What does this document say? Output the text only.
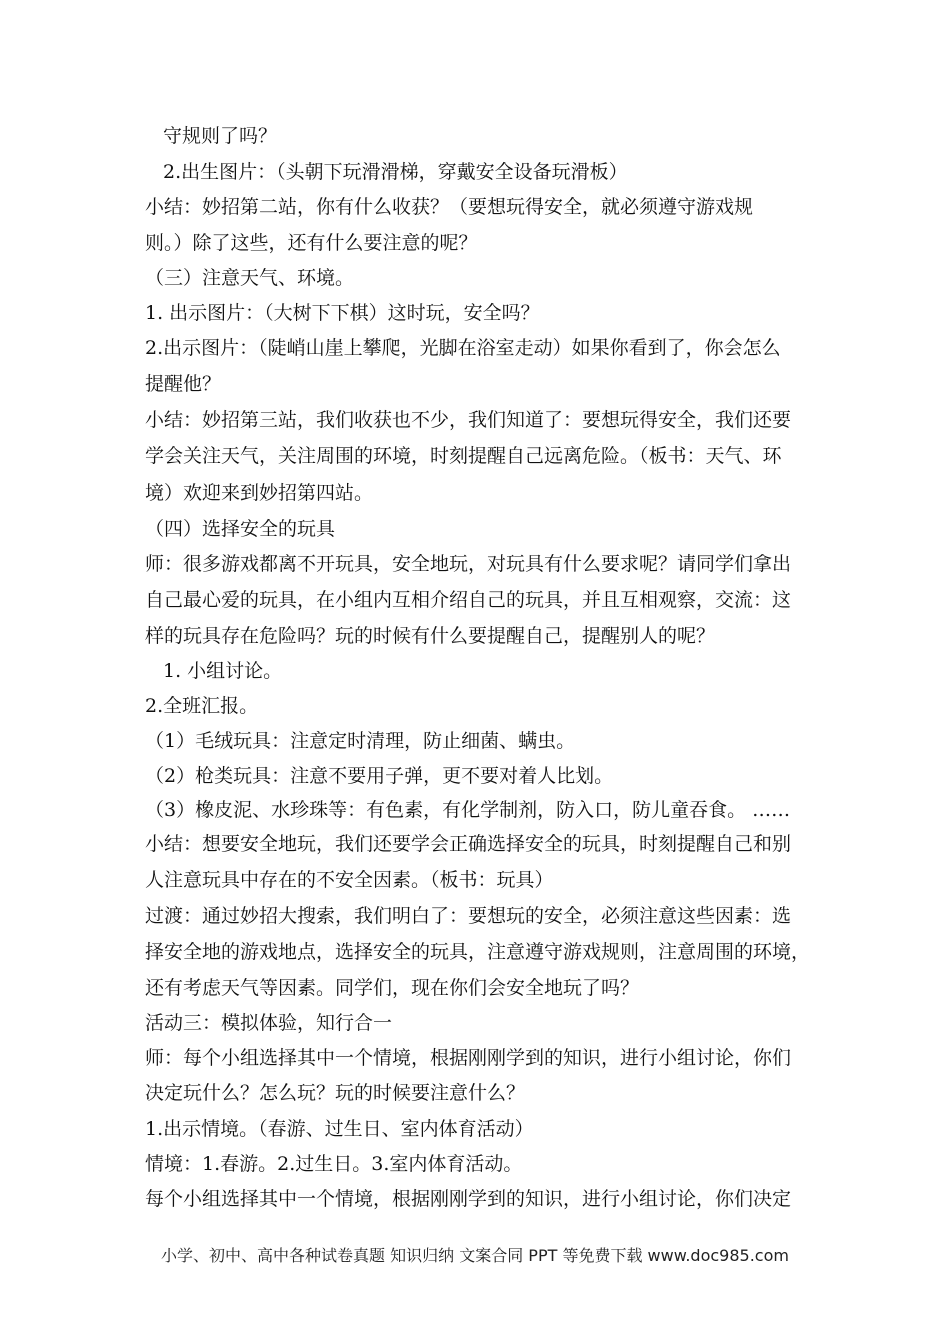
守规则了吗？
2.出生图片：（头朝下玩滑滑梯，穿戴安全设备玩滑板）
小结：妙招第二站，你有什么收获？（要想玩得安全，就必须遵守游戏规
则。）除了这些，还有什么要注意的呢？
（三）注意天气、环境。
1. 出示图片：（大树下下棋）这时玩，安全吗？
2.出示图片：（陡峭山崖上攀爬，光脚在浴室走动）如果你看到了，你会怎么
提醒他？
小结：妙招第三站，我们收获也不少，我们知道了：要想玩得安全，我们还要
学会关注天气，关注周围的环境，时刻提醒自己远离危险。（板书：天气、环
境）欢迎来到妙招第四站。
（四）选择安全的玩具
师：很多游戏都离不开玩具，安全地玩，对玩具有什么要求呢？请同学们拿出
自己最心爱的玩具，在小组内互相介绍自己的玩具，并且互相观察，交流：这
样的玩具存在危险吗？玩的时候有什么要提醒自己，提醒别人的呢？
1. 小组讨论。
2.全班汇报。
（1）毛绒玩具：注意定时清理，防止细菌、螨虫。
（2）枪类玩具：注意不要用子弹，更不要对着人比划。
（3）橡皮泥、水珍珠等：有色素，有化学制剂，防入口，防儿童吞食。 ……
小结：想要安全地玩，我们还要学会正确选择安全的玩具，时刻提醒自己和别
人注意玩具中存在的不安全因素。（板书：玩具）
过渡：通过妙招大搜索，我们明白了：要想玩的安全，必须注意这些因素：选
择安全地的游戏地点，选择安全的玩具，注意遵守游戏规则，注意周围的环境，
还有考虑天气等因素。同学们，现在你们会安全地玩了吗？
活动三：模拟体验，知行合一
师：每个小组选择其中一个情境，根据刚刚学到的知识，进行小组讨论，你们
决定玩什么？怎么玩？玩的时候要注意什么？
1.出示情境。（春游、过生日、室内体育活动）
情境：1.春游。2.过生日。3.室内体育活动。
每个小组选择其中一个情境，根据刚刚学到的知识，进行小组讨论，你们决定
小学、初中、高中各种试卷真题 知识归纳 文案合同 PPT 等免费下载 www.doc985.com
